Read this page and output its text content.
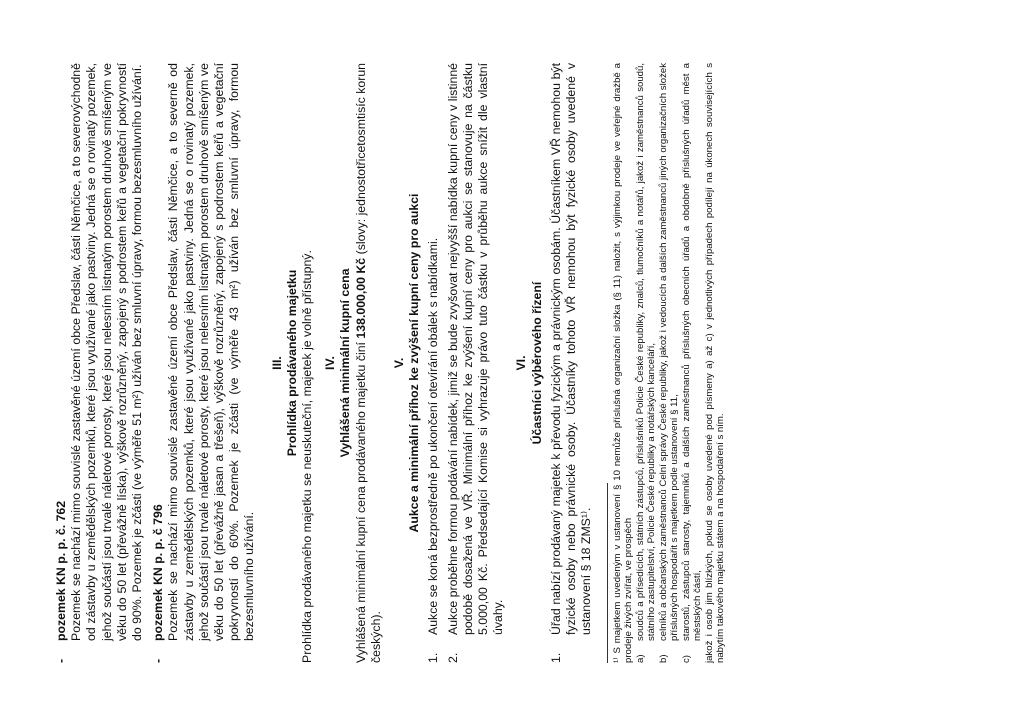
-
pozemek KN p. p. č. 762 Pozemek se nachází mimo souvislé zastavěné území obce Předslav, části Němčice, a to severovýchodně od zástavby u zemědělských pozemků, které jsou využívané jako pastviny. Jedná se o rovinatý pozemek, jehož součástí jsou trvalé náletové porosty, které jsou nelesním listnatým porostem druhově smíšeným ve věku do 50 let (převážně líska), výškově rozrůzněný, zapojený s podrostem keřů a vegetační pokryvností do 90%. Pozemek je zčásti (ve výměře 51 m²) užíván bez smluvní úpravy, formou bezesmluvního užívání.

-
pozemek KN p. p. č 796 Pozemek se nachází mimo souvislé zastavěné území obce Předslav, části Němčice, a to severně od zástavby u zemědělských pozemků, které jsou využívané jako pastviny. Jedná se o rovinatý pozemek, jehož součástí jsou trvalé náletové porosty, které jsou nelesním listnatým porostem druhově smíšeným ve věku do 50 let (převážně jasan a třešeň), výškově rozrůzněný, zapojený s podrostem keřů a vegetační pokryvností do 60%. Pozemek je zčásti (ve výměře 43 m²) užíván bez smluvní úpravy, formou bezesmluvního užívání.

III. Prohlídka prodávaného majetku Prohlídka prodávaného majetku se neuskuteční, majetek je volně přístupný. IV. Vyhlášená minimální kupní cena Vyhlášená minimální kupní cena prodávaného majetku činí 138.000,00 Kč (slovy: jednostotřicetosmtisíc korun českých).

V. Aukce a minimální příhoz ke zvýšení kupní ceny pro aukci
1.
Aukce se koná bezprostředně po ukončení otevírání obálek s nabídkami.
2.
Aukce proběhne formou podávání nabídek, jimiž se bude zvyšovat nejvyšší nabídka kupní ceny v listinné podobě dosažená ve VŘ. Minimální příhoz ke zvýšení kupní ceny pro aukci se stanovuje na částku 5.000,00 Kč. Předsedající Komise si vyhrazuje právo tuto částku v průběhu aukce snížit dle vlastní úvahy.
VI. Účastníci výběrového řízení
1.
Úřad nabízí prodávaný majetek k převodu fyzickým a právnickým osobám. Účastníkem VŘ nemohou být fyzické osoby nebo právnické osoby. Účastníky tohoto VŘ nemohou být fyzické osoby uvedené v ustanovení § 18 ZMS¹⁾. ¹⁾ S majetkem uvedeným v ustanovení § 10 nemůže příslušná organizační složka (§ 11) naložit, s výjimkou prodeje ve veřejné dražbě a prodeje živých zvířat, ve prospěch a)
soudců a přísedících, státních zástupců, příslušníků Policie České republiky, znalců, tlumočníků a notářů, jakož i zaměstnanců soudů, státního zastupitelství, Policie České republiky a notářských kanceláří,
b)
celníků a občanských zaměstnanců Celní správy České republiky, jakož i vedoucích a dalších zaměstnanců jiných organizačních složek příslušných hospodařit s majetkem podle ustanovení § 11,
c)
starostů, zástupců starosty, tajemníků a dalších zaměstnanců příslušných obecních úřadů a obdobně příslušných úřadů měst a městských částí, jakož i osob jim blízkých, pokud se osoby uvedené pod písmeny a) až c) v jednotlivých případech podílejí na úkonech souvisejících s nabytím takového majetku státem a na hospodaření s ním.
